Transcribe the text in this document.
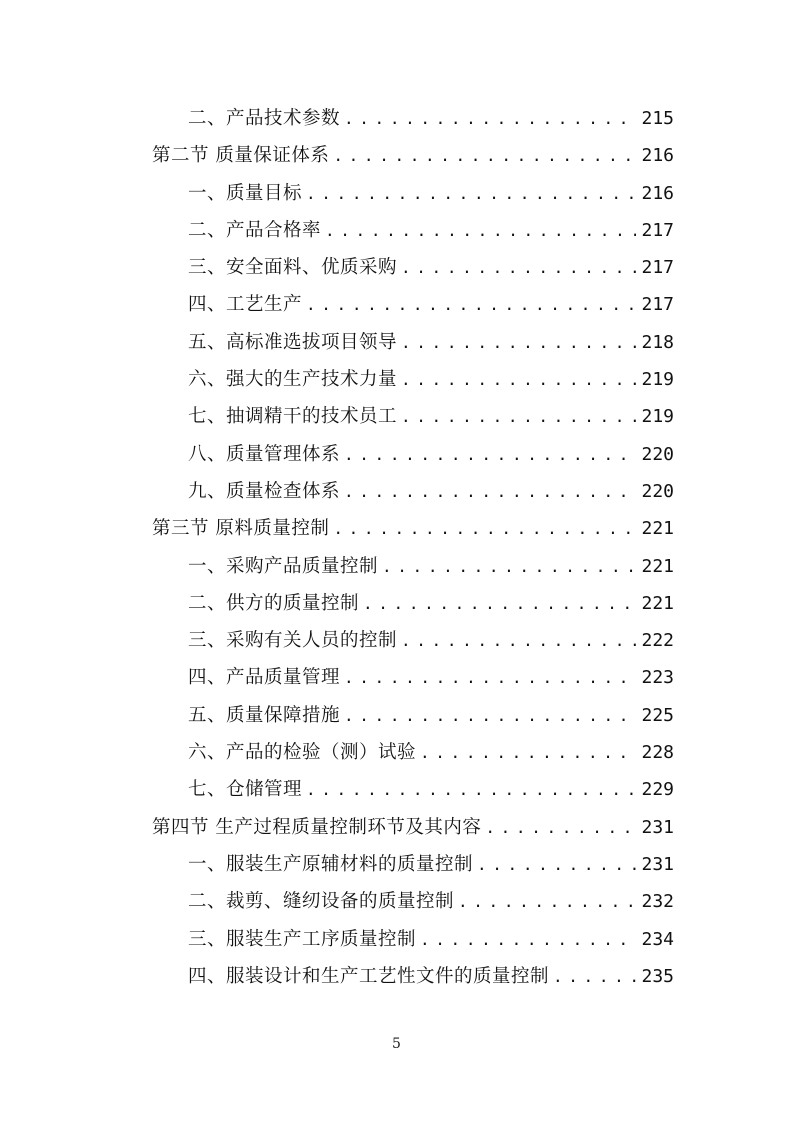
二、产品技术参数 . . .	215
第二节 质量保证体系 . . .	216
一、质量目标 . . .	216
二、产品合格率 . . .	217
三、安全面料、优质采购 . . .	217
四、工艺生产 . . .	217
五、高标准选拔项目领导 . . .	218
六、强大的生产技术力量 . . .	219
七、抽调精干的技术员工 . . .	219
八、质量管理体系 . . .	220
九、质量检查体系 . . .	220
第三节 原料质量控制 . . .	221
一、采购产品质量控制 . . .	221
二、供方的质量控制 . . .	221
三、采购有关人员的控制 . . .	222
四、产品质量管理 . . .	223
五、质量保障措施 . . .	225
六、产品的检验（测）试验 . . .	228
七、仓储管理 . . .	229
第四节 生产过程质量控制环节及其内容 . . .	231
一、服装生产原辅材料的质量控制 . . .	231
二、裁剪、缝纫设备的质量控制 . . .	232
三、服装生产工序质量控制 . . .	234
四、服装设计和生产工艺性文件的质量控制 . . .	235
5
